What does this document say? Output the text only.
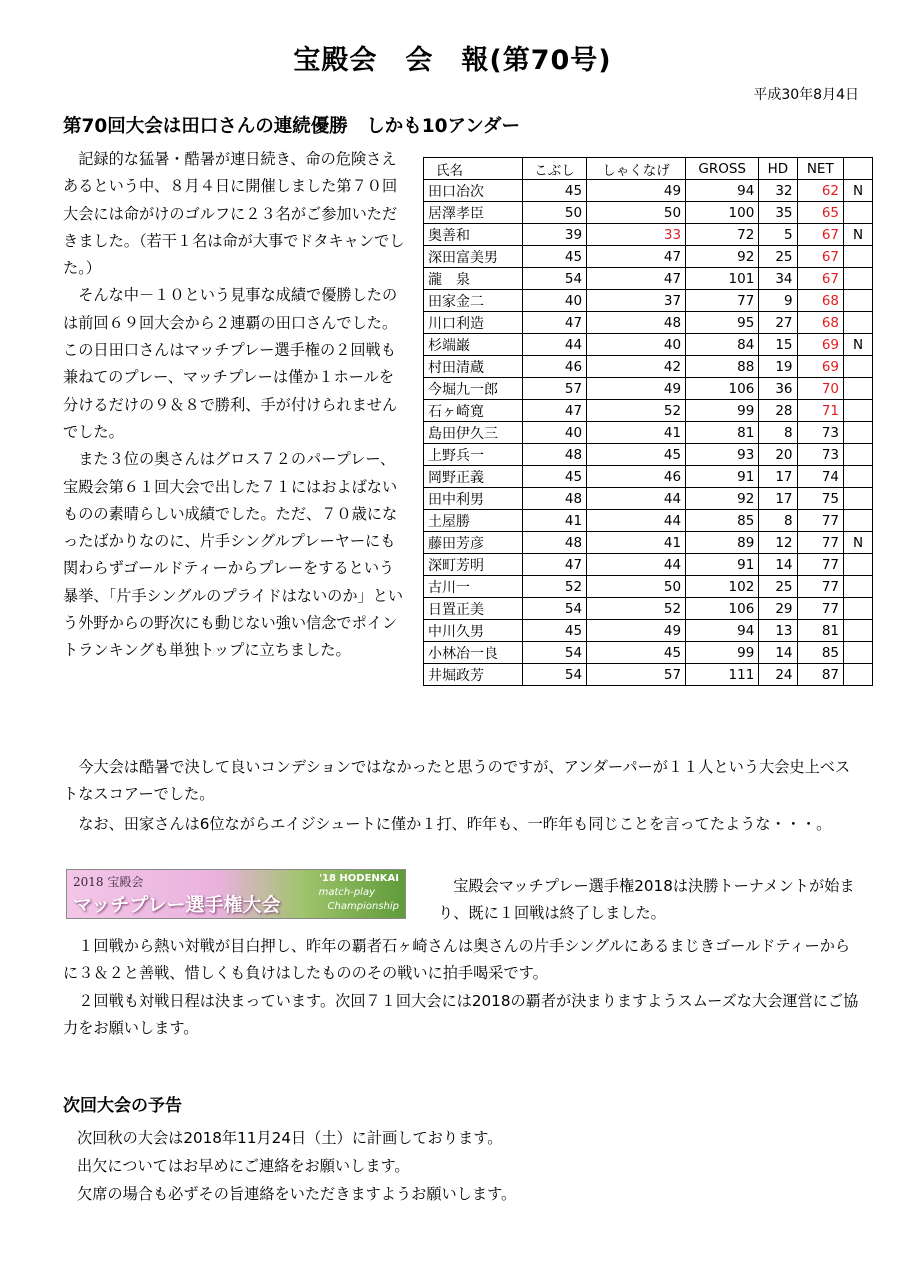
宝殿会　会　報(第70号)
平成30年8月4日
第70回大会は田口さんの連続優勝　しかも10アンダー

記録的な猛暑・酷暑が連日続き、命の危険さえあるという中、８月４日に開催しました第７０回大会には命がけのゴルフに２３名がご参加いただきました。（若干１名は命が大事でドタキャンでした。）

そんな中－１０という見事な成績で優勝したのは前回６９回大会から２連覇の田口さんでした。この日田口さんはマッチプレー選手権の２回戦も兼ねてのプレー、マッチプレーは僅か１ホールを分けるだけの９＆８で勝利、手が付けられませんでした。

また３位の奥さんはグロス７２のパープレー、宝殿会第６１回大会で出した７１にはおよばないものの素晴らしい成績でした。ただ、７０歳になったばかりなのに、片手シングルプレーヤーにも関わらずゴールドティーからプレーをするという暴挙、「片手シングルのプライドはないのか」という外野からの野次にも動じない強い信念でポイントランキングも単独トップに立ちました。

氏名	こぶし	しゃくなげ	GROSS	HD	NET	
田口冶次	45	49	94	32	62	N
居澤孝臣	50	50	100	35	65	
奥善和	39	33	72	5	67	N
深田富美男	45	47	92	25	67	
瀧　泉	54	47	101	34	67	
田家金二	40	37	77	9	68	
川口利造	47	48	95	27	68	
杉端巌	44	40	84	15	69	N
村田清蔵	46	42	88	19	69	
今堀九一郎	57	49	106	36	70	
石ヶ崎寛	47	52	99	28	71	
島田伊久三	40	41	81	8	73	
上野兵一	48	45	93	20	73	
岡野正義	45	46	91	17	74	
田中利男	48	44	92	17	75	
土屋勝	41	44	85	8	77	
藤田芳彦	48	41	89	12	77	N
深町芳明	47	44	91	14	77	
古川一	52	50	102	25	77	
日置正美	54	52	106	29	77	
中川久男	45	49	94	13	81	
小林冶一良	54	45	99	14	85	
井堀政芳	54	57	111	24	87	

今大会は酷暑で決して良いコンデションではなかったと思うのですが、アンダーパーが１１人という大会史上ベストなスコアーでした。

なお、田家さんは6位ながらエイジシュートに僅か１打、昨年も、一昨年も同じことを言ってたような・・・。

2018 宝殿会
マッチプレー選手権大会
'18 HODENKAI
match-play
Championship

宝殿会マッチプレー選手権2018は決勝トーナメントが始まり、既に１回戦は終了しました。

１回戦から熱い対戦が目白押し、昨年の覇者石ヶ崎さんは奥さんの片手シングルにあるまじきゴールドティーからに３＆２と善戦、惜しくも負けはしたもののその戦いに拍手喝采です。

２回戦も対戦日程は決まっています。次回７１回大会には2018の覇者が決まりますようスムーズな大会運営にご協力をお願いします。

次回大会の予告
次回秋の大会は2018年11月24日（土）に計画しております。
出欠についてはお早めにご連絡をお願いします。
欠席の場合も必ずその旨連絡をいただきますようお願いします。
